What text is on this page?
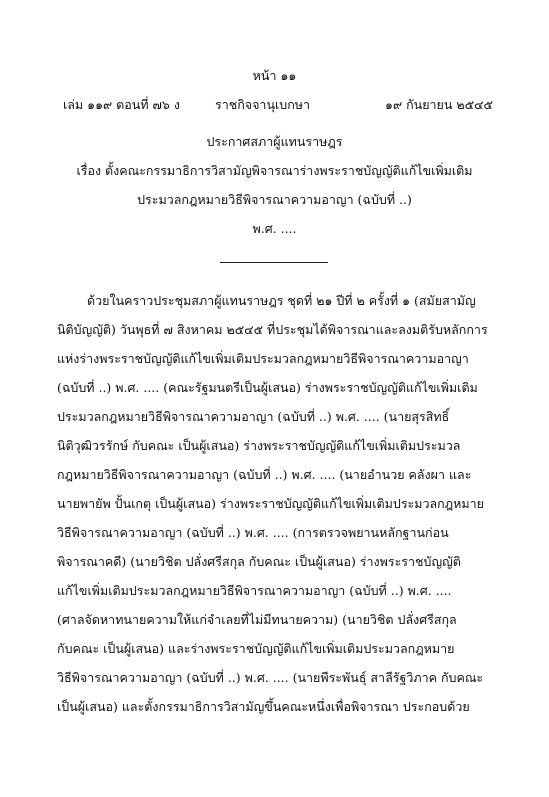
หน้า ๑๑
เล่ม ๑๑๙ ตอนที่ ๗๖ ง	ราชกิจจานุเบกษา	๑๙ กันยายน ๒๕๔๕
ประกาศสภาผู้แทนราษฎร
เรื่อง ตั้งคณะกรรมาธิการวิสามัญพิจารณาร่างพระราชบัญญัติแก้ไขเพิ่มเติม
ประมวลกฎหมายวิธีพิจารณาความอาญา (ฉบับที่ ..)
พ.ศ. ....
ด้วยในคราวประชุมสภาผู้แทนราษฎร ชุดที่ ๒๑ ปีที่ ๒ ครั้งที่ ๑ (สมัยสามัญ
นิติบัญญัติ) วันพุธที่ ๗ สิงหาคม ๒๕๔๕ ที่ประชุมได้พิจารณาและลงมติรับหลักการ
แห่งร่างพระราชบัญญัติแก้ไขเพิ่มเติมประมวลกฎหมายวิธีพิจารณาความอาญา
(ฉบับที่ ..) พ.ศ. .... (คณะรัฐมนตรีเป็นผู้เสนอ) ร่างพระราชบัญญัติแก้ไขเพิ่มเติม
ประมวลกฎหมายวิธีพิจารณาความอาญา (ฉบับที่ ..) พ.ศ. .... (นายสุรสิทธิ์
นิติวุฒิวรรักษ์ กับคณะ เป็นผู้เสนอ) ร่างพระราชบัญญัติแก้ไขเพิ่มเติมประมวล
กฎหมายวิธีพิจารณาความอาญา (ฉบับที่ ..) พ.ศ. .... (นายอำนวย คลังผา และ
นายพายัพ ปั้นเกตุ เป็นผู้เสนอ) ร่างพระราชบัญญัติแก้ไขเพิ่มเติมประมวลกฎหมาย
วิธีพิจารณาความอาญา (ฉบับที่ ..) พ.ศ. .... (การตรวจพยานหลักฐานก่อน
พิจารณาคดี) (นายวิชิต ปลั่งศรีสกุล กับคณะ เป็นผู้เสนอ) ร่างพระราชบัญญัติ
แก้ไขเพิ่มเติมประมวลกฎหมายวิธีพิจารณาความอาญา (ฉบับที่ ..) พ.ศ. ....
(ศาลจัดหาทนายความให้แก่จำเลยที่ไม่มีทนายความ) (นายวิชิต ปลั่งศรีสกุล
กับคณะ เป็นผู้เสนอ) และร่างพระราชบัญญัติแก้ไขเพิ่มเติมประมวลกฎหมาย
วิธีพิจารณาความอาญา (ฉบับที่ ..) พ.ศ. .... (นายพีระพันธุ์ สาลีรัฐวิภาค กับคณะ
เป็นผู้เสนอ) และตั้งกรรมาธิการวิสามัญขึ้นคณะหนึ่งเพื่อพิจารณา ประกอบด้วย
